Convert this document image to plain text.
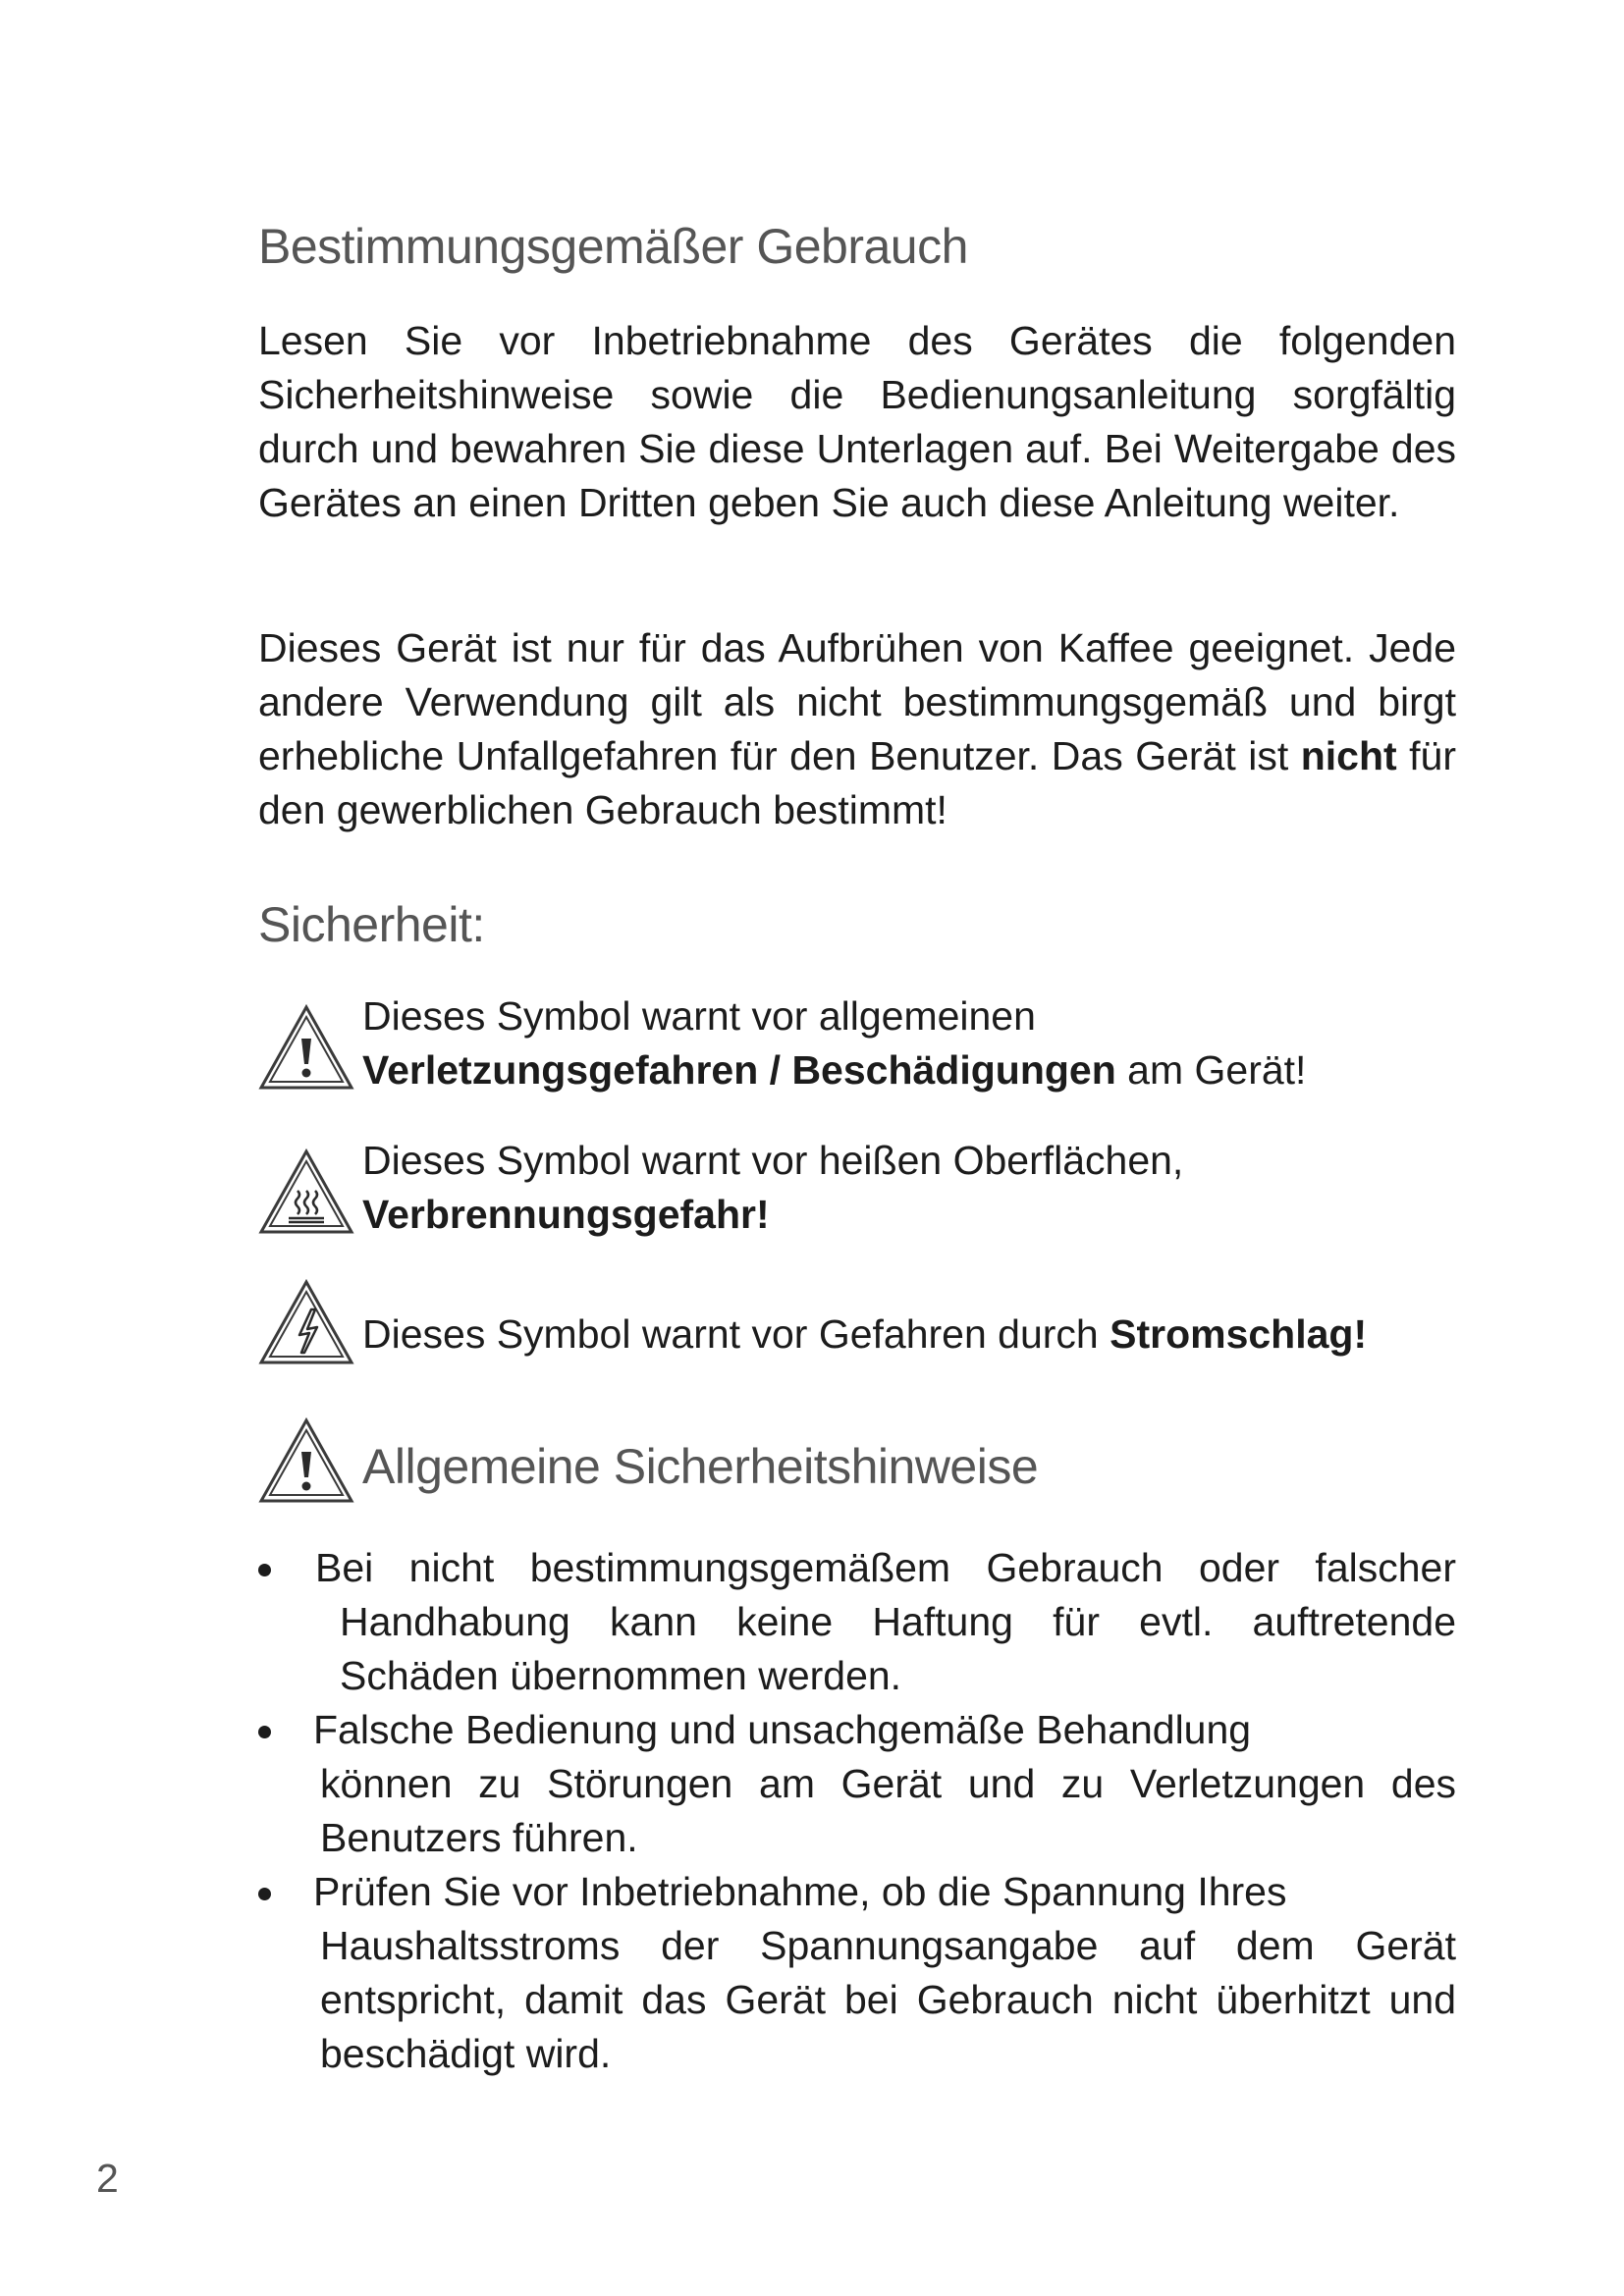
Bestimmungsgemäßer Gebrauch

Lesen Sie vor Inbetriebnahme des Gerätes die folgenden Sicherheitshinweise sowie die Bedienungsanleitung sorgfältig durch und bewahren Sie diese Unterlagen auf. Bei Weitergabe des Gerätes an einen Dritten geben Sie auch diese Anleitung weiter.

Dieses Gerät ist nur für das Aufbrühen von Kaffee geeignet. Jede andere Verwendung gilt als nicht bestimmungsgemäß und birgt erhebliche Unfallgefahren für den Benutzer. Das Gerät ist nicht für den gewerblichen Gebrauch bestimmt!

Sicherheit:

Dieses Symbol warnt vor allgemeinen
Verletzungsgefahren / Beschädigungen am Gerät!

Dieses Symbol warnt vor heißen Oberflächen,
Verbrennungsgefahr!

Dieses Symbol warnt vor Gefahren durch Stromschlag!

Allgemeine Sicherheitshinweise
Bei nicht bestimmungsgemäßem Gebrauch oder falscher Handhabung kann keine Haftung für evtl. auftretende Schäden übernommen werden.
Falsche Bedienung und unsachgemäße Behandlung
können zu Störungen am Gerät und zu Verletzungen des Benutzers führen.
Prüfen Sie vor Inbetriebnahme, ob die Spannung Ihres
Haushaltsstroms der Spannungsangabe auf dem Gerät entspricht, damit das Gerät bei Gebrauch nicht überhitzt und beschädigt wird.

2
